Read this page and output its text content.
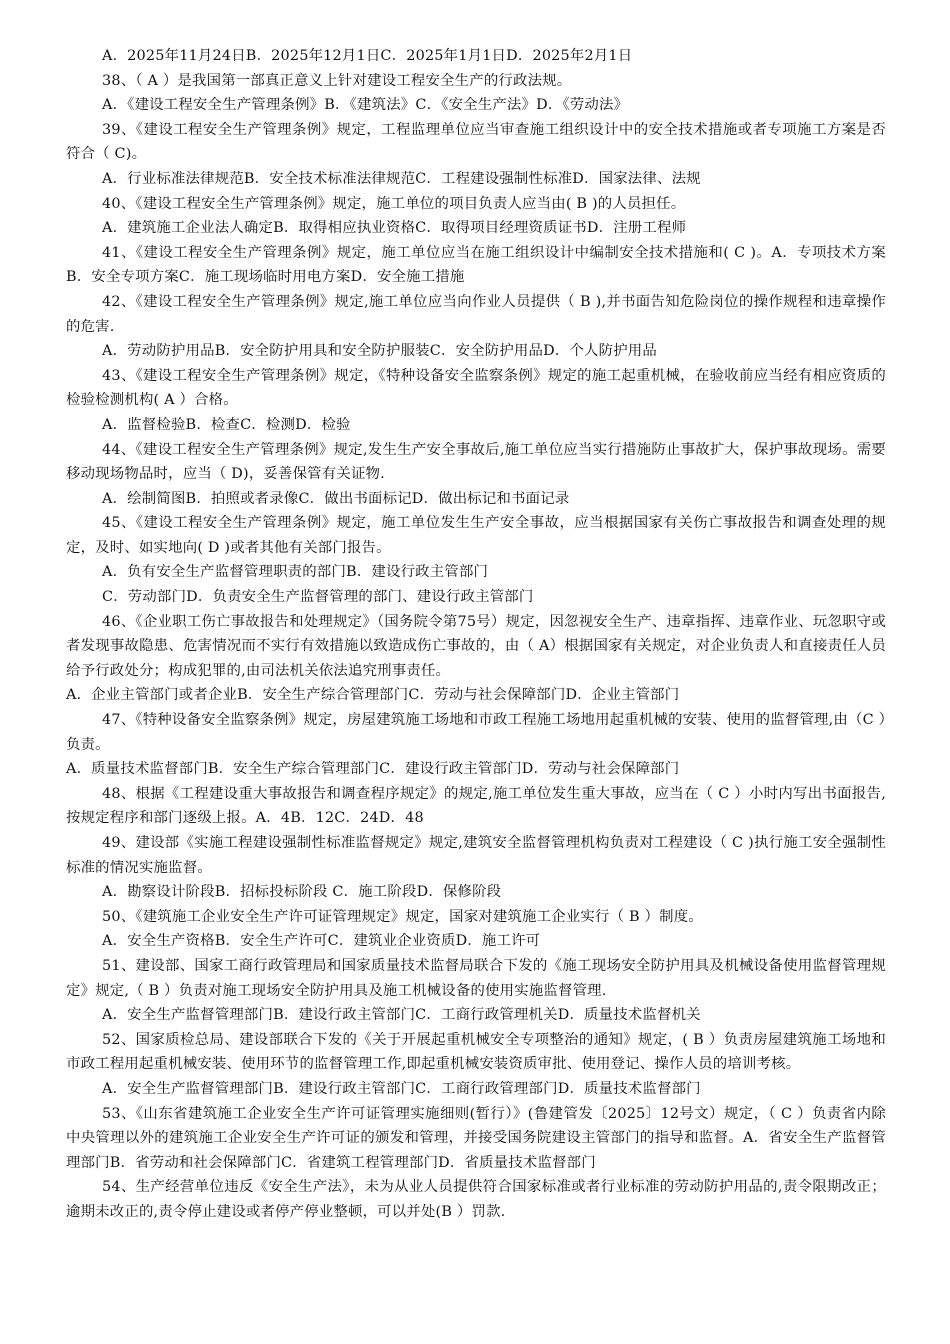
A．2025年11月24日B．2025年12月1日C．2025年1月1日D．2025年2月1日

38、（ A ）是我国第一部真正意义上针对建设工程安全生产的行政法规。

A．《建设工程安全生产管理条例》B．《建筑法》C．《安全生产法》D．《劳动法》

39、《建设工程安全生产管理条例》规定，工程监理单位应当审查施工组织设计中的安全技术措施或者专项施工方案是否符合（ C)。

A．行业标准法律规范B．安全技术标准法律规范C．工程建设强制性标准D．国家法律、法规

40、《建设工程安全生产管理条例》规定，施工单位的项目负责人应当由( B )的人员担任。

A．建筑施工企业法人确定B．取得相应执业资格C．取得项目经理资质证书D．注册工程师

41、《建设工程安全生产管理条例》规定，施工单位应当在施工组织设计中编制安全技术措施和( C )。A．专项技术方案B．安全专项方案C．施工现场临时用电方案D．安全施工措施

42、《建设工程安全生产管理条例》规定,施工单位应当向作业人员提供（ B ),并书面告知危险岗位的操作规程和违章操作的危害.

A．劳动防护用品B．安全防护用具和安全防护服装C．安全防护用品D．个人防护用品

43、《建设工程安全生产管理条例》规定，《特种设备安全监察条例》规定的施工起重机械，在验收前应当经有相应资质的检验检测机构( A ）合格。

A．监督检验B．检查C．检测D．检验

44、《建设工程安全生产管理条例》规定,发生生产安全事故后,施工单位应当实行措施防止事故扩大，保护事故现场。需要移动现场物品时，应当（ D)，妥善保管有关证物.

A．绘制简图B．拍照或者录像C．做出书面标记D．做出标记和书面记录

45、《建设工程安全生产管理条例》规定，施工单位发生生产安全事故，应当根据国家有关伤亡事故报告和调查处理的规定，及时、如实地向( D )或者其他有关部门报告。

A．负有安全生产监督管理职责的部门B．建设行政主管部门

C．劳动部门D．负责安全生产监督管理的部门、建设行政主管部门

46、《企业职工伤亡事故报告和处理规定》（国务院令第75号）规定，因忽视安全生产、违章指挥、违章作业、玩忽职守或者发现事故隐患、危害情况而不实行有效措施以致造成伤亡事故的，由（ A）根据国家有关规定，对企业负责人和直接责任人员给予行政处分；构成犯罪的,由司法机关依法追究刑事责任。

A．企业主管部门或者企业B．安全生产综合管理部门C．劳动与社会保障部门D．企业主管部门

47、《特种设备安全监察条例》规定，房屋建筑施工场地和市政工程施工场地用起重机械的安装、使用的监督管理,由（C ）负责。

A．质量技术监督部门B．安全生产综合管理部门C．建设行政主管部门D．劳动与社会保障部门

48、根据《工程建设重大事故报告和调查程序规定》的规定,施工单位发生重大事故，应当在（ C ）小时内写出书面报告,按规定程序和部门逐级上报。A．4B．12C．24D．48

49、建设部《实施工程建设强制性标准监督规定》规定,建筑安全监督管理机构负责对工程建设（ C )执行施工安全强制性标准的情况实施监督。

A．勘察设计阶段B．招标投标阶段 C．施工阶段D．保修阶段

50、《建筑施工企业安全生产许可证管理规定》规定，国家对建筑施工企业实行（ B ）制度。

A．安全生产资格B．安全生产许可C．建筑业企业资质D．施工许可

51、建设部、国家工商行政管理局和国家质量技术监督局联合下发的《施工现场安全防护用具及机械设备使用监督管理规定》规定,（ B ）负责对施工现场安全防护用具及施工机械设备的使用实施监督管理.

A．安全生产监督管理部门B．建设行政主管部门C．工商行政管理机关D．质量技术监督机关

52、国家质检总局、建设部联合下发的《关于开展起重机械安全专项整治的通知》规定，( B ）负责房屋建筑施工场地和市政工程用起重机械安装、使用环节的监督管理工作,即起重机械安装资质审批、使用登记、操作人员的培训考核。

A．安全生产监督管理部门B．建设行政主管部门C．工商行政管理部门D．质量技术监督部门

53、《山东省建筑施工企业安全生产许可证管理实施细则(暂行）》(鲁建管发〔2025〕12号文）规定，（ C ）负责省内除中央管理以外的建筑施工企业安全生产许可证的颁发和管理，并接受国务院建设主管部门的指导和监督。A．省安全生产监督管理部门B．省劳动和社会保障部门C．省建筑工程管理部门D．省质量技术监督部门

54、生产经营单位违反《安全生产法》，未为从业人员提供符合国家标准或者行业标准的劳动防护用品的,责令限期改正；逾期未改正的,责令停止建设或者停产停业整顿，可以并处(B ）罚款.
